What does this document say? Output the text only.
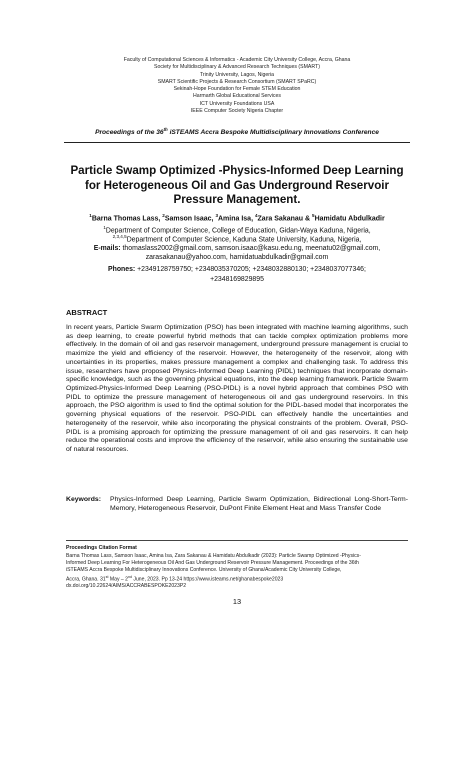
Faculty of Computational Sciences & Informatics - Academic City University College, Accra, Ghana
Society for Multidisciplinary & Advanced Research Techniques (SMART)
Trinity University, Lagos, Nigeria
SMART Scientific Projects & Research Consortium (SMART SPaRC)
Sekinah-Hope Foundation for Female STEM Education
Harmarth Global Educational Services
ICT University Foundations USA
IEEE Computer Society Nigeria Chapter
Proceedings of the 36th iSTEAMS Accra Bespoke Multidisciplinary Innovations Conference
Particle Swamp Optimized -Physics-Informed Deep Learning
for Heterogeneous Oil and Gas Underground Reservoir
Pressure Management.
$^1$Barna Thomas Lass, $^2$Samson Isaac, $^3$Amina Isa, $^4$Zara Sakanau & $^5$Hamidatu Abdulkadir
$^1$Department of Computer Science, College of Education, Gidan-Waya Kaduna, Nigeria,
$^{2,3,4,5}$Department of Computer Science, Kaduna State University, Kaduna, Nigeria,
E-mails: thomaslass2002@gmail.com, samson.isaac@kasu.edu.ng, meenatu02@gmail.com,
zarasakanau@yahoo.com, hamidatuabdulkadir@gmail.com
Phones: +2349128759750; +2348035370205; +2348032880130; +2348037077346;
+2348169829895
ABSTRACT
In recent years, Particle Swarm Optimization (PSO) has been integrated with machine learning algorithms, such as deep learning, to create powerful hybrid methods that can tackle complex optimization problems more effectively. In the domain of oil and gas reservoir management, underground pressure management is crucial to maximize the yield and efficiency of the reservoir. However, the heterogeneity of the reservoir, along with uncertainties in its properties, makes pressure management a complex and challenging task. To address this issue, researchers have proposed Physics-Informed Deep Learning (PIDL) techniques that incorporate domain-specific knowledge, such as the governing physical equations, into the deep learning framework. Particle Swarm Optimized-Physics-Informed Deep Learning (PSO-PIDL) is a novel hybrid approach that combines PSO with PIDL to optimize the pressure management of heterogeneous oil and gas underground reservoirs. In this approach, the PSO algorithm is used to find the optimal solution for the PIDL-based model that incorporates the governing physical equations of the reservoir. PSO-PIDL can effectively handle the uncertainties and heterogeneity of the reservoir, while also incorporating the physical constraints of the problem. Overall, PSO-PIDL is a promising approach for optimizing the pressure management of oil and gas reservoirs. It can help reduce the operational costs and improve the efficiency of the reservoir, while also ensuring the sustainable use of natural resources.
Keywords: Physics-Informed Deep Learning, Particle Swarm Optimization, Bidirectional Long-Short-Term-Memory, Heterogeneous Reservoir, DuPont Finite Element Heat and Mass Transfer Code
Proceedings Citation Format
Barna Thomas Lass, Samson Isaac, Amina Isa, Zara Sakanau & Hamidatu Abdulkadir (2023): Particle Swamp Optimized -Physics-
Informed Deep Learning For Heterogeneous Oil And Gas Underground Reservoir Pressure Management. Proceedings of the 36th
iSTEAMS Accra Bespoke Multidisciplinary Innovations Conference. University of Ghana/Academic City University College,
Accra, Ghana. 31st May – 2nd June, 2023. Pp 13-24 https://www.isteams.net/ghanabespoke2023
dx.doi.org/10.22624/AIMS/ACCRABESPOKE2023P2
13
